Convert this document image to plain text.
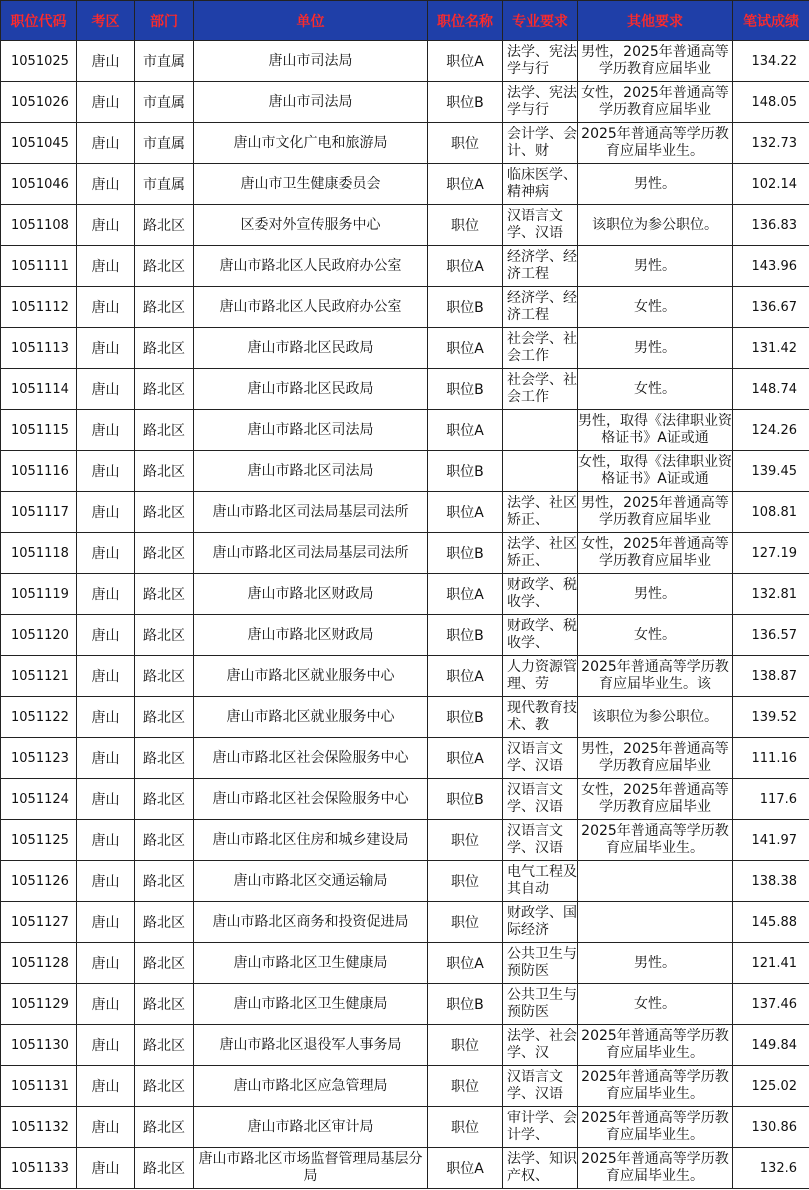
职位代码	考区	部门	单位	职位名称	专业要求	其他要求	笔试成绩
1051025	唐山	市直属	唐山市司法局	职位A	法学、宪法学与行	男性，2025年普通高等学历教育应届毕业	134.22
1051026	唐山	市直属	唐山市司法局	职位B	法学、宪法学与行	女性，2025年普通高等学历教育应届毕业	148.05
1051045	唐山	市直属	唐山市文化广电和旅游局	职位	会计学、会计、财	2025年普通高等学历教育应届毕业生。	132.73
1051046	唐山	市直属	唐山市卫生健康委员会	职位A	临床医学、精神病	男性。	102.14
1051108	唐山	路北区	区委对外宣传服务中心	职位	汉语言文学、汉语	该职位为参公职位。	136.83
1051111	唐山	路北区	唐山市路北区人民政府办公室	职位A	经济学、经济工程	男性。	143.96
1051112	唐山	路北区	唐山市路北区人民政府办公室	职位B	经济学、经济工程	女性。	136.67
1051113	唐山	路北区	唐山市路北区民政局	职位A	社会学、社会工作	男性。	131.42
1051114	唐山	路北区	唐山市路北区民政局	职位B	社会学、社会工作	女性。	148.74
1051115	唐山	路北区	唐山市路北区司法局	职位A		男性，取得《法律职业资格证书》A证或通	124.26
1051116	唐山	路北区	唐山市路北区司法局	职位B		女性，取得《法律职业资格证书》A证或通	139.45
1051117	唐山	路北区	唐山市路北区司法局基层司法所	职位A	法学、社区矫正、	男性，2025年普通高等学历教育应届毕业	108.81
1051118	唐山	路北区	唐山市路北区司法局基层司法所	职位B	法学、社区矫正、	女性，2025年普通高等学历教育应届毕业	127.19
1051119	唐山	路北区	唐山市路北区财政局	职位A	财政学、税收学、	男性。	132.81
1051120	唐山	路北区	唐山市路北区财政局	职位B	财政学、税收学、	女性。	136.57
1051121	唐山	路北区	唐山市路北区就业服务中心	职位A	人力资源管理、劳	2025年普通高等学历教育应届毕业生。该	138.87
1051122	唐山	路北区	唐山市路北区就业服务中心	职位B	现代教育技术、教	该职位为参公职位。	139.52
1051123	唐山	路北区	唐山市路北区社会保险服务中心	职位A	汉语言文学、汉语	男性，2025年普通高等学历教育应届毕业	111.16
1051124	唐山	路北区	唐山市路北区社会保险服务中心	职位B	汉语言文学、汉语	女性，2025年普通高等学历教育应届毕业	117.6
1051125	唐山	路北区	唐山市路北区住房和城乡建设局	职位	汉语言文学、汉语	2025年普通高等学历教育应届毕业生。	141.97
1051126	唐山	路北区	唐山市路北区交通运输局	职位	电气工程及其自动		138.38
1051127	唐山	路北区	唐山市路北区商务和投资促进局	职位	财政学、国际经济		145.88
1051128	唐山	路北区	唐山市路北区卫生健康局	职位A	公共卫生与预防医	男性。	121.41
1051129	唐山	路北区	唐山市路北区卫生健康局	职位B	公共卫生与预防医	女性。	137.46
1051130	唐山	路北区	唐山市路北区退役军人事务局	职位	法学、社会学、汉	2025年普通高等学历教育应届毕业生。	149.84
1051131	唐山	路北区	唐山市路北区应急管理局	职位	汉语言文学、汉语	2025年普通高等学历教育应届毕业生。	125.02
1051132	唐山	路北区	唐山市路北区审计局	职位	审计学、会计学、	2025年普通高等学历教育应届毕业生。	130.86
1051133	唐山	路北区	唐山市路北区市场监督管理局基层分局	职位A	法学、知识产权、	2025年普通高等学历教育应届毕业生。	132.6
